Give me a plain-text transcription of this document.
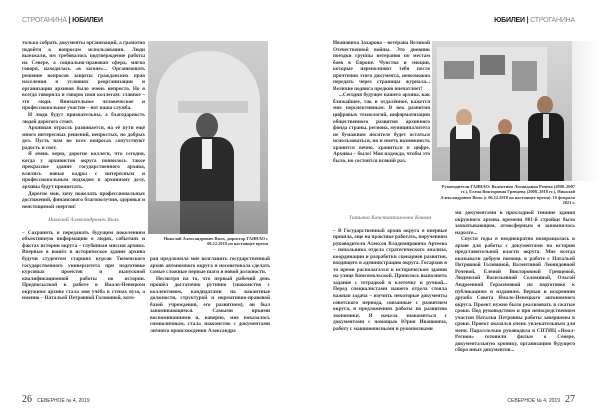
СТРОГАНИНА | ЮБИЛЕИ

только собрать документы организаций, а грамотно подойти к вопросам использования. Люди выезжали, им требовалось подтверждение работы на Севере, а социально-правовая сфера, мягко говоря, находилась «в загоне»... Организовать решение вопросов защиты гражданских прав населения в условиях реорганизации и организации архивов было очень непросто. Но я всегда говорила и говорю свои коллегам: главное – это люди. Внимательное человеческое и профессиональное участие – вот наша служба.

И люди будут признательны, а благодарность людей дорогого стоит.

Архивная отрасль развивается, на её пути ещё много интересных решений, непростых, но добрых дел. Пусть вам во всех вопросах сопутствуют радость и свет.

Я очень верю, дорогие коллеги, что сегодня, когда у архивистов округа появилось такое прекрасное здание государственного архива, влились новые кадры с интересным и профессиональным подходом к архивному делу, архивы будут процветать.

Дорогие мои, хочу пожелать профессиональных достижений, финансового благополучия, здоровья и неистощимой энергии!

Николай Александрович Виль

– Сохранять и передавать будущим поколениям объективную информацию о людях, событиях и фактах истории округа – глубинная миссия архива. Впервые я вошёл в историческое здание архива будучи студентом старших курсов Тюменского государственного университета при подготовке курсовых проектов и выпускной квалификационной работы по истории. Предпосылкой к работе в Ямало-Ненецком окружном архиве стала моя учёба в стенах вуза, а именно – Натальей Петровной Головиной, кото-

Николай Александрович Виль, директор ГАЯНАО с 06.12.2018 по настоящее время

рая предложила мне возглавить государственный архив автономного округа и посоветовала сделать самые сложные первые шаги в новой должности.

Несмотря на то, что первый рабочий день прошёл достаточно рутинно (знакомство с коллективом, кандидатами на вакантные должности, структурой и нормативно-правовой базой учреждения, его развитием), он был запоминающимся. Самыми яркими воспоминаниями и, наверно, мне показалось символичным, стала знакомство с документами личного происхождения Александра

26 СЕВЕРНОЕ № 4, 2019
ЮБИЛЕИ | СТРОГАНИНА

Ивановича Захарова – ветерана Великой Отечественной войны. Это дневник поездки группы ветеранов по местам боев в Европе. Чувства и эмоции, которые переполняют тебя после прочтения этого документа, невозможно передать через страницы журнала... Величие подвига предков впечатляет!

...Сегодня будущее нашего архива, как ближайшее, так и отдалённое, кажется мне перспективным. В век развития цифровых технологий, информатизации общественного развития архивного фонда страны, региона, муниципалитета не бумажном носителе будет остаться использоваться, но и иметь возможность хранится вечно, храниться в цифре. Архивы – было! Моя надежда, чтобы это было, но состоится всякий раз.

Татьяна Константиновна Кокова

– В Государственный архив округа я впервые пришла, еще на практике работать, поручениям руководителя Алексея Владимировича Артеева – начальника отдела стратегического анализа, координации и разработки сценариев развития, входящего в администрацию округа. Госархив в то время располагался в историческом здании на улице Комсомольской. Пришлось выполнять задание с тетрадкой в клеточку и ручкой... Перед специалистами нашего отдела стояла важная задача – изучить некоторые документы советского периода, связанные с развитием округа, в предложениях работы по развитию экономики. Я начала знакомиться с документами с помощью Юрия Ивановича, работу с машинописными и рукописными

Руководители ГАЯНАО: Валентина Леонидовна Рочева (2000–2007 гг.), Елена Викторовна Гревцева (2008–2018 гг.), Николай Александрович Виль (с 06.12.2018 по настоящее время). 16 февраля 2021 г.

ми документами в прохладной тишине здания окружного архива времени 801-й стройки было захватывающим, атмосферным и запомнилось надолго...

Спустя годы я неоднократно возвращалась в архив для работы с документами по истории представительной власти округа. Мне всегда оказывали добрую помощь в работе с Натальей Петровной Головиной, Валентиной Леонидовной Рочевой, Еленой Викторовной Гревцевой, Людмилой Васильевной Соломиной, Ольгой Андреевной Герасимовой по подготовке к публикациям и изданиям. Верная и искренняя дружба Совета Ямало-Ненецкого автономного округа. Проект нужно было реализовать в сжатые сроки. Под руководством и при непосредственном участии Натальи Петровны работы завершены в сроки. Проект оказался очень увлекательным для меня. Параллельно руководила я СПТИЦ «Ямал-Регион» готовили фильм о Севере, документальную хронику, организацию будущего сбора иных документов...

СЕВЕРНОЕ № 4, 2019 27
